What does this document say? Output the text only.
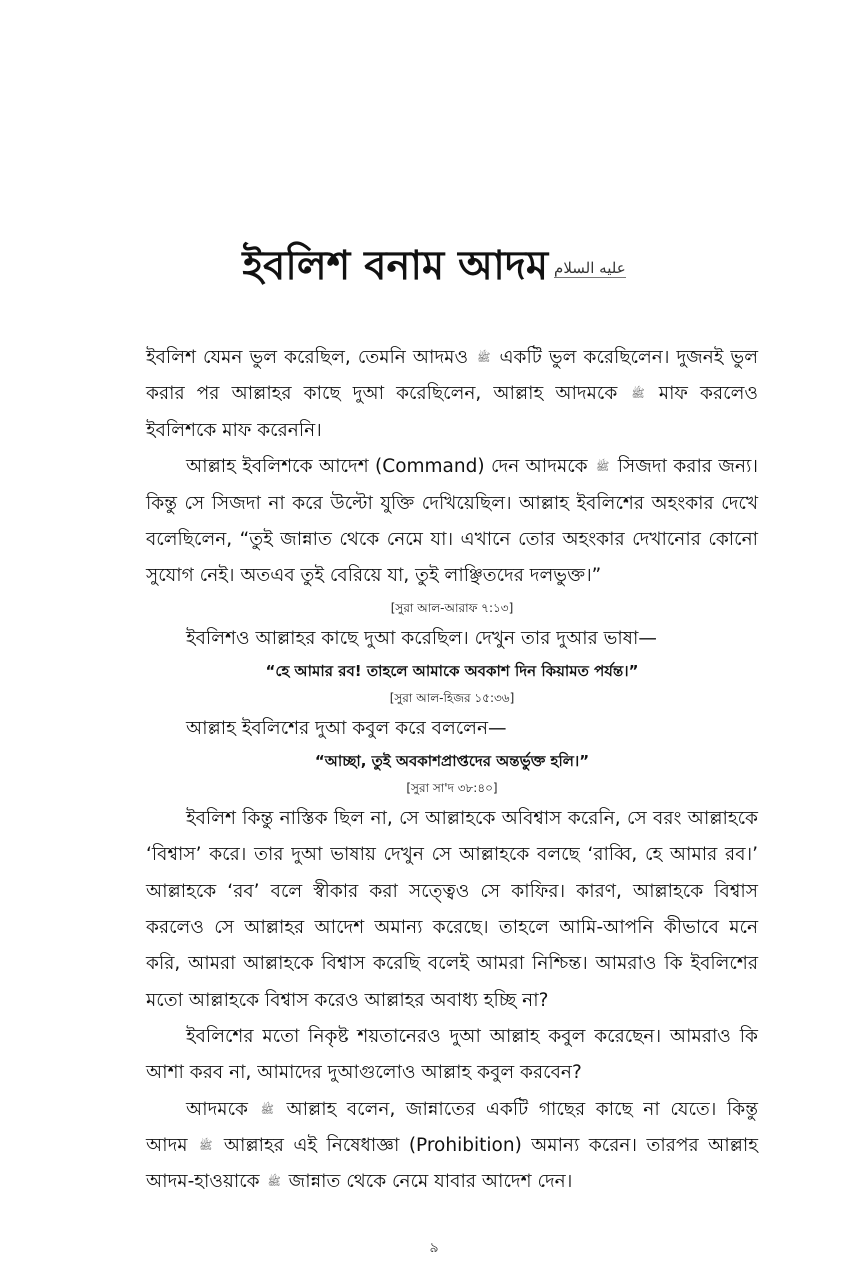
ইবলিশ বনাম আদম عليه السلام

ইবলিশ যেমন ভুল করেছিল, তেমনি আদমও ﷺ একটি ভুল করেছিলেন। দুজনই ভুল করার পর আল্লাহর কাছে দুআ করেছিলেন, আল্লাহ আদমকে ﷺ মাফ করলেও ইবলিশকে মাফ করেননি।

আল্লাহ ইবলিশকে আদেশ (Command) দেন আদমকে ﷺ সিজদা করার জন্য। কিন্তু সে সিজদা না করে উল্টো যুক্তি দেখিয়েছিল। আল্লাহ ইবলিশের অহংকার দেখে বলেছিলেন, “তুই জান্নাত থেকে নেমে যা। এখানে তোর অহংকার দেখানোর কোনো সুযোগ নেই। অতএব তুই বেরিয়ে যা, তুই লাঞ্ছিতদের দলভুক্ত।”

[সুরা আল-আরাফ ৭:১৩]

ইবলিশও আল্লাহর কাছে দুআ করেছিল। দেখুন তার দুআর ভাষা—

“হে আমার রব! তাহলে আমাকে অবকাশ দিন কিয়ামত পর্যন্ত।”

[সুরা আল-হিজর ১৫:৩৬]

আল্লাহ ইবলিশের দুআ কবুল করে বললেন—

“আচ্ছা, তুই অবকাশপ্রাপ্তদের অন্তর্ভুক্ত হলি।”

[সুরা সা'দ ৩৮:৪০]

ইবলিশ কিন্তু নাস্তিক ছিল না, সে আল্লাহকে অবিশ্বাস করেনি, সে বরং আল্লাহকে ‘বিশ্বাস’ করে। তার দুআ ভাষায় দেখুন সে আল্লাহকে বলছে ‘রাব্বি, হে আমার রব।’ আল্লাহকে ‘রব’ বলে স্বীকার করা সত্ত্বেও সে কাফির। কারণ, আল্লাহকে বিশ্বাস করলেও সে আল্লাহর আদেশ অমান্য করেছে। তাহলে আমি-আপনি কীভাবে মনে করি, আমরা আল্লাহকে বিশ্বাস করেছি বলেই আমরা নিশ্চিন্ত। আমরাও কি ইবলিশের মতো আল্লাহকে বিশ্বাস করেও আল্লাহর অবাধ্য হচ্ছি না?

ইবলিশের মতো নিকৃষ্ট শয়তানেরও দুআ আল্লাহ কবুল করেছেন। আমরাও কি আশা করব না, আমাদের দুআগুলোও আল্লাহ কবুল করবেন?

আদমকে ﷺ আল্লাহ বলেন, জান্নাতের একটি গাছের কাছে না যেতে। কিন্তু আদম ﷺ আল্লাহর এই নিষেধাজ্ঞা (Prohibition) অমান্য করেন। তারপর আল্লাহ আদম-হাওয়াকে ﷺ জান্নাত থেকে নেমে যাবার আদেশ দেন।

৯
